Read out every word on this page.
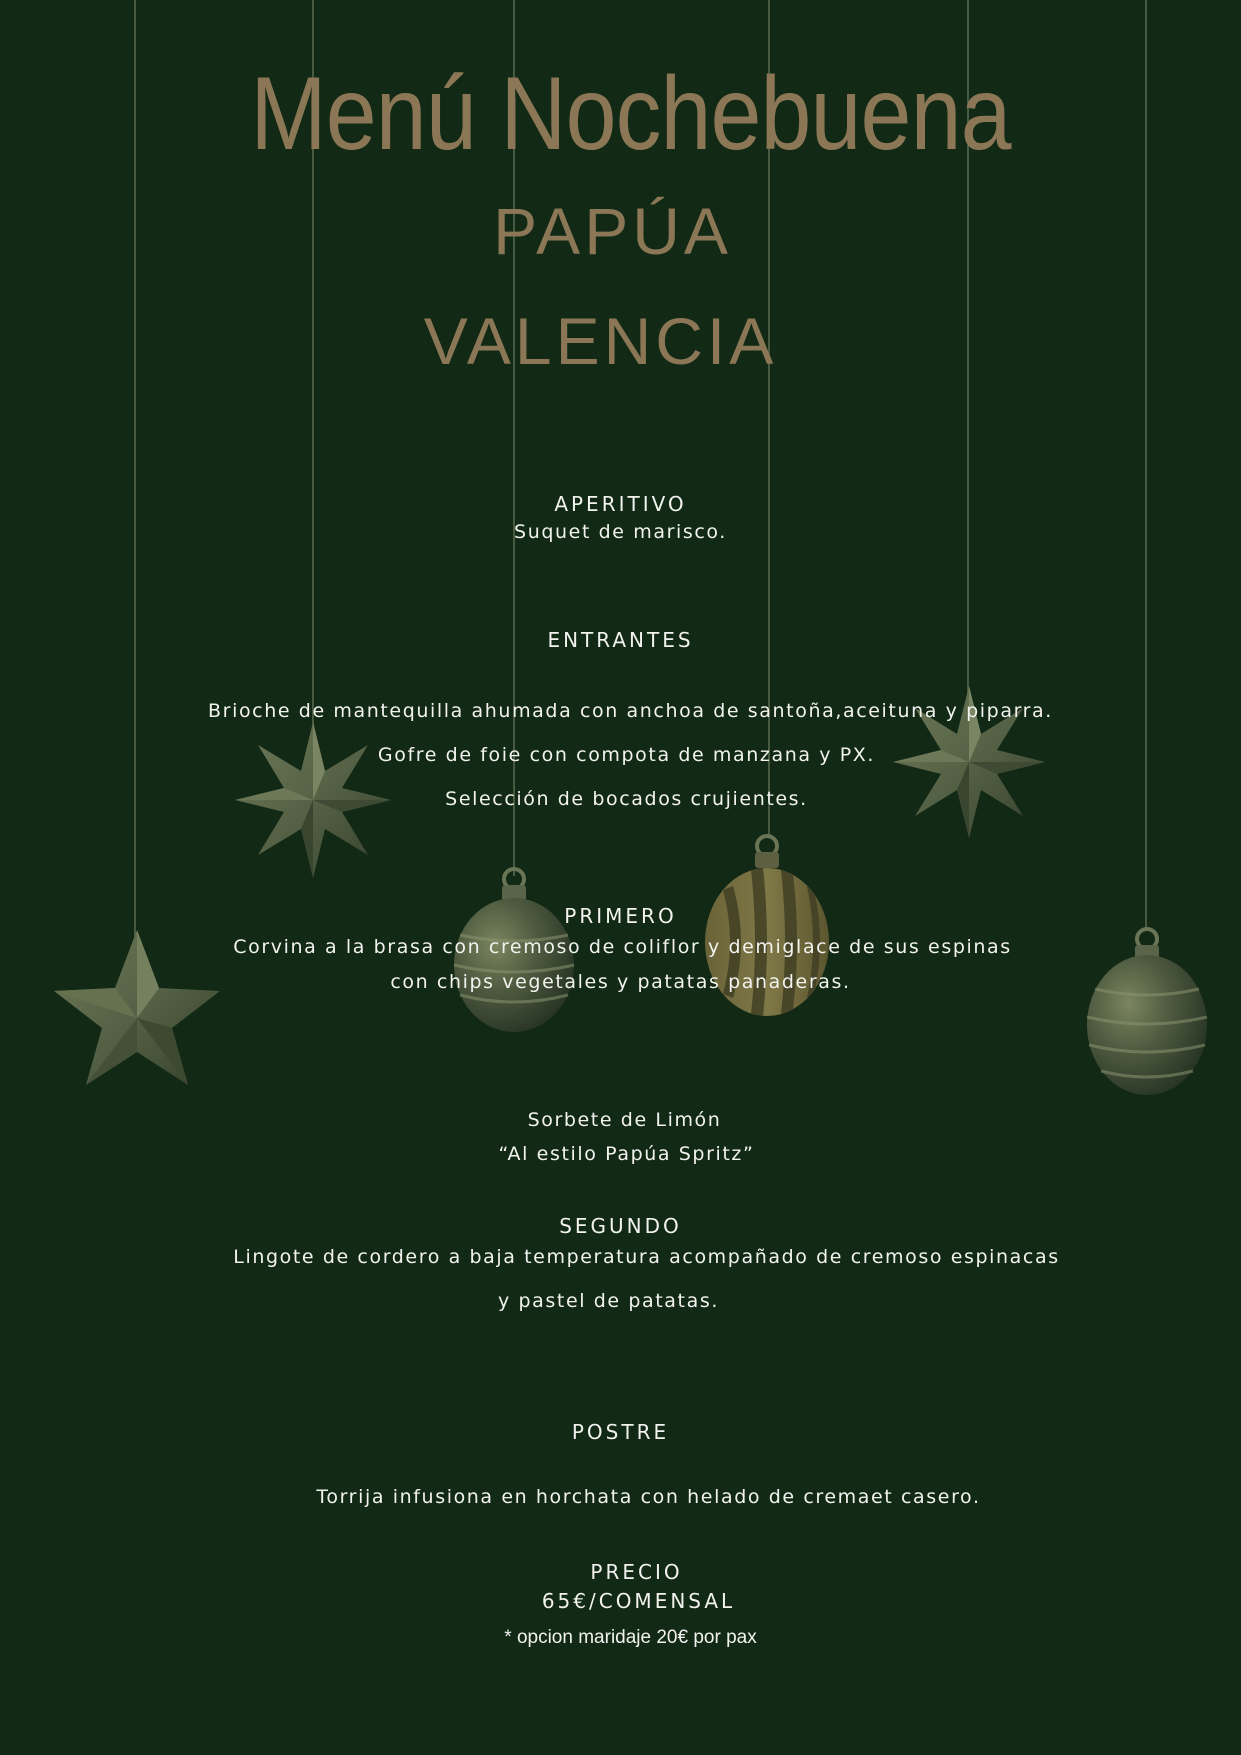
Menú Nochebuena
PAPÚA
VALENCIA
APERITIVO
Suquet de marisco.
ENTRANTES
Brioche de mantequilla ahumada con anchoa de santoña,aceituna y piparra.
Gofre de foie con compota de manzana y PX.
Selección de bocados crujientes.
PRIMERO
Corvina a la brasa con cremoso de coliflor y demiglace de sus espinas
con chips vegetales y patatas panaderas.
Sorbete de Limón
“Al estilo Papúa Spritz”
SEGUNDO
Lingote de cordero a baja temperatura acompañado de cremoso espinacas
y pastel de patatas.
POSTRE
Torrija infusiona en horchata con helado de cremaet casero.
PRECIO
65€/COMENSAL
* opcion maridaje 20€ por pax
